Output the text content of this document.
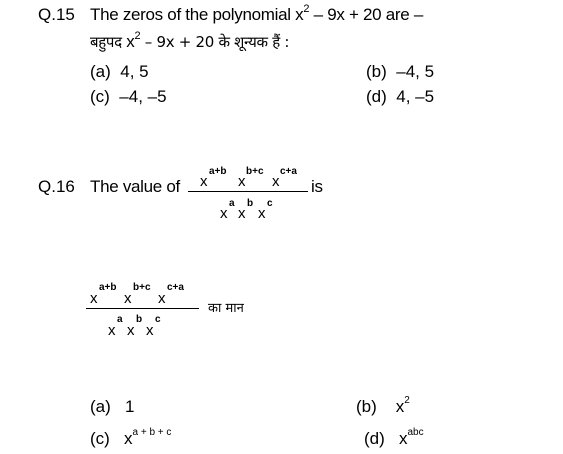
Q.15 The zeros of the polynomial $x^2 - 9x + 20$ are –
बहुपद $x^2 - 9x + 20$ के शून्यक हैं :
(a) 4, 5	(b) –4, 5
(c) –4, –5	(d) 4, –5
Q.16 The value of x
a+b
x
b+c
x
c+a
x
a
x
b
x
c
is
x
a+b
x
b+c
x
c+a
x
a
x
b
x
c
का मान
(a) 1	(b) $x^2$
(c) $x^{a + b + c}$	(d) $x^{abc}$
